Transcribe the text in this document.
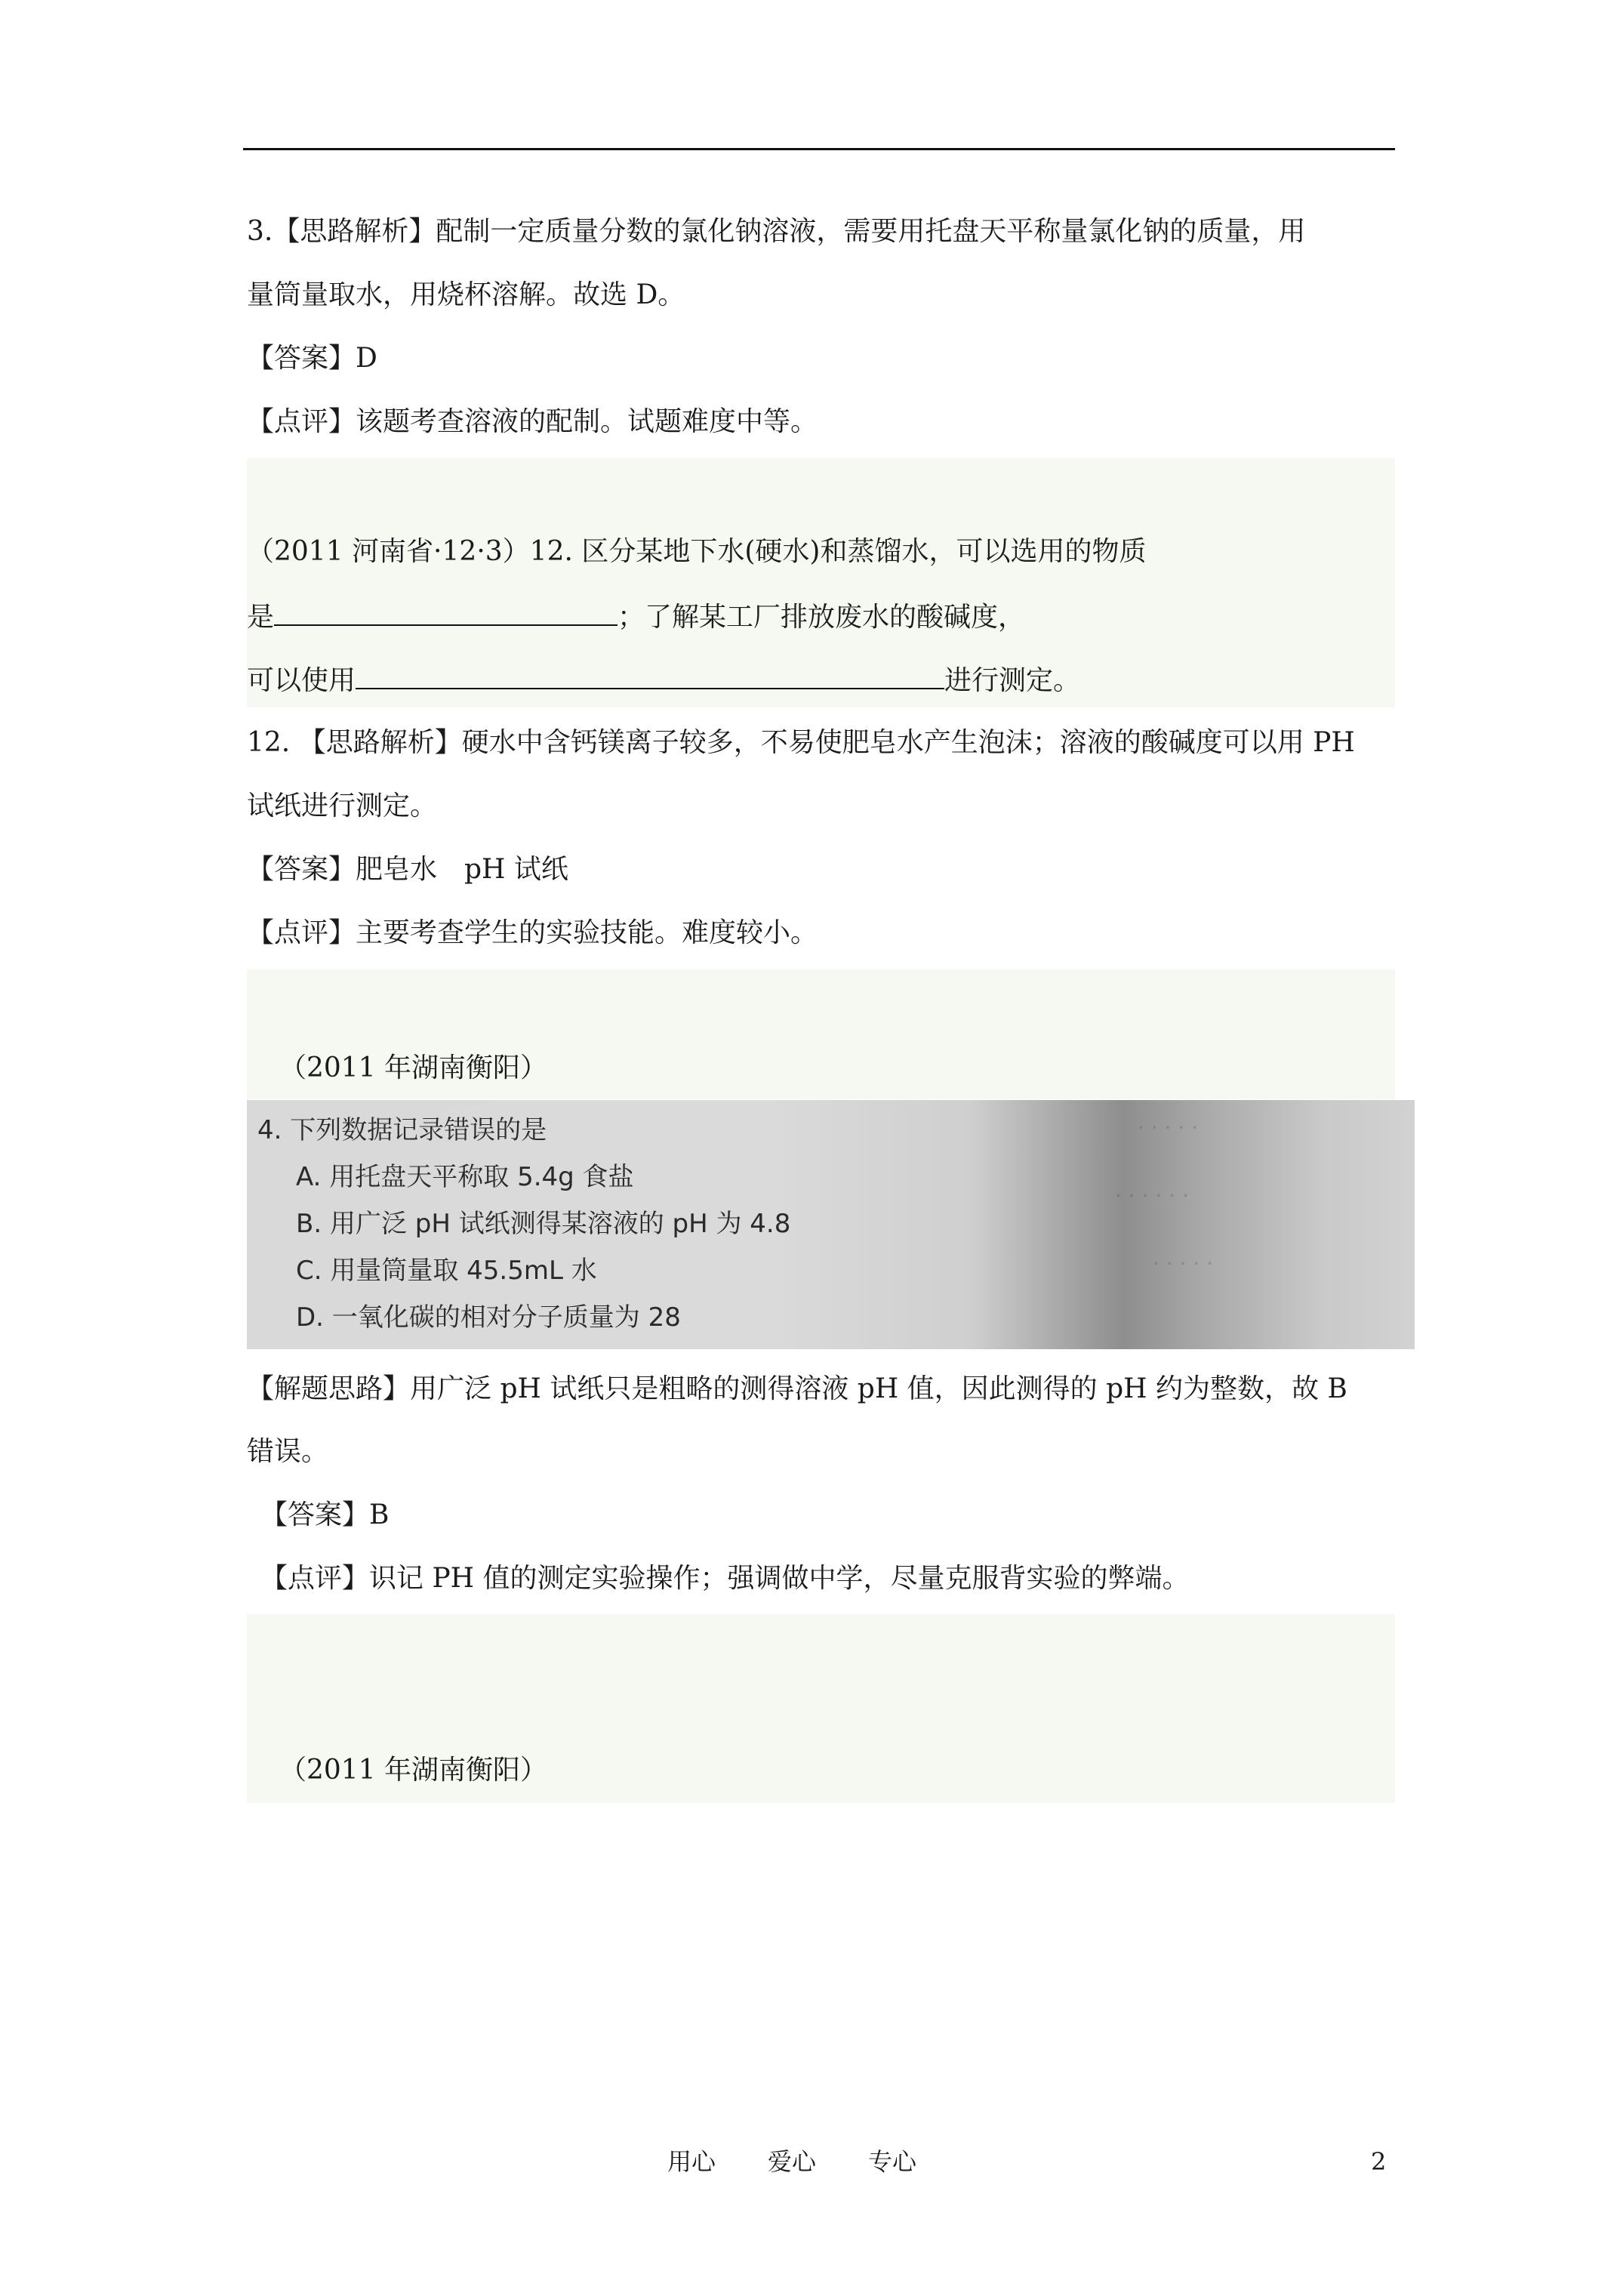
3.【思路解析】配制一定质量分数的氯化钠溶液，需要用托盘天平称量氯化钠的质量，用
量筒量取水，用烧杯溶解。故选 D。
【答案】D
【点评】该题考查溶液的配制。试题难度中等。
（2011 河南省·12·3）12. 区分某地下水(硬水)和蒸馏水，可以选用的物质
是	；了解某工厂排放废水的酸碱度，
可以使用	进行测定。
12. 【思路解析】硬水中含钙镁离子较多，不易使肥皂水产生泡沫；溶液的酸碱度可以用 PH
试纸进行测定。
【答案】肥皂水　pH 试纸
【点评】主要考查学生的实验技能。难度较小。
（2011 年湖南衡阳）
· · · · ·
· · · · · ·
· · · · ·
4. 下列数据记录错误的是
A. 用托盘天平称取 5.4g 食盐
B. 用广泛 pH 试纸测得某溶液的 pH 为 4.8
C. 用量筒量取 45.5mL 水
D. 一氧化碳的相对分子质量为 28
【解题思路】用广泛 pH 试纸只是粗略的测得溶液 pH 值，因此测得的 pH 约为整数，故 B
错误。
【答案】B
【点评】识记 PH 值的测定实验操作；强调做中学，尽量克服背实验的弊端。
（2011 年湖南衡阳）
用心 爱心 专心	2
